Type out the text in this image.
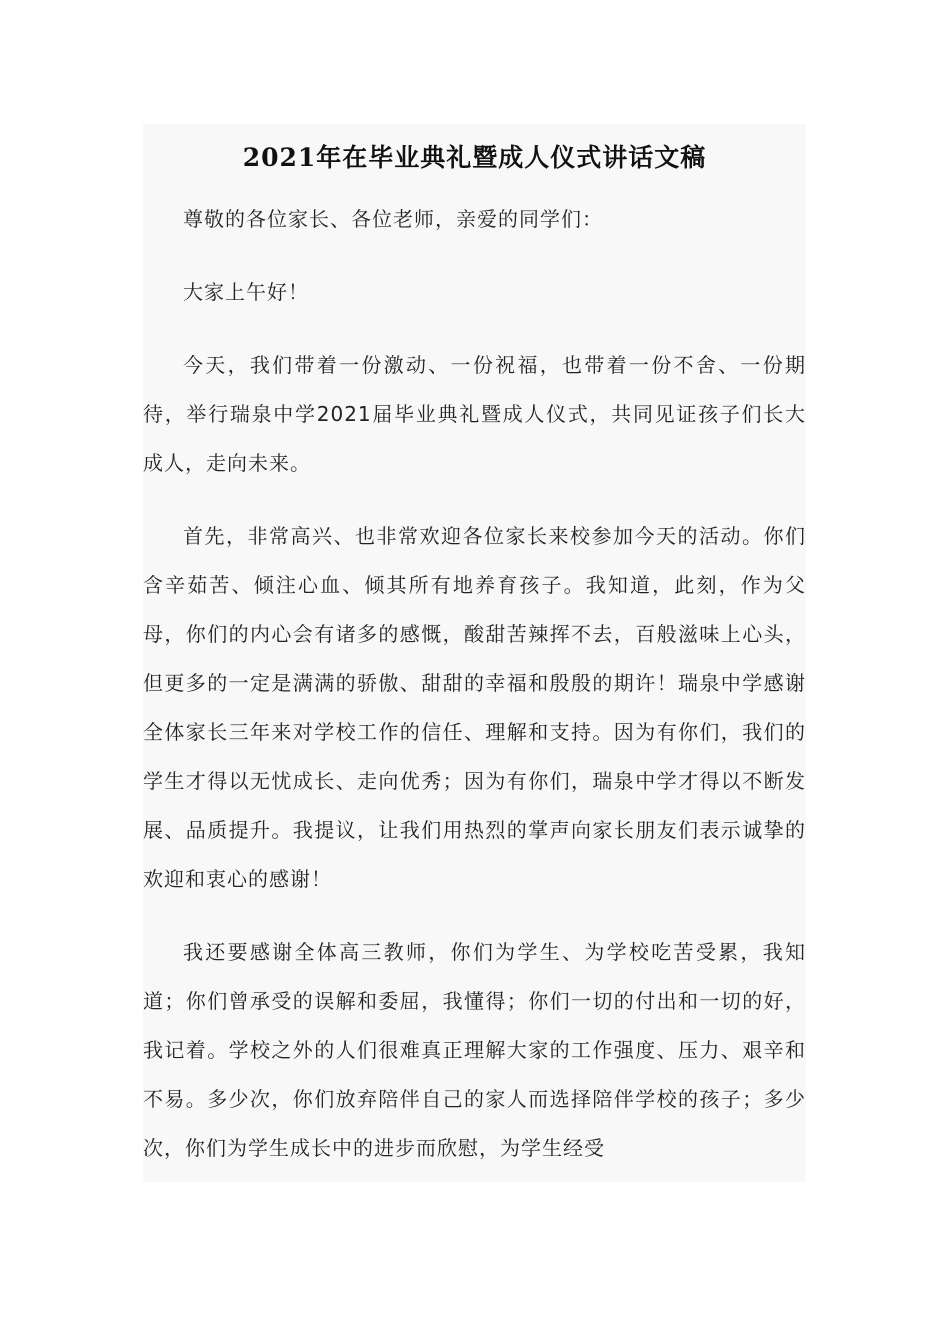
2021年在毕业典礼暨成人仪式讲话文稿

尊敬的各位家长、各位老师，亲爱的同学们：

大家上午好！

今天，我们带着一份激动、一份祝福，也带着一份不舍、一份期待，举行瑞泉中学2021届毕业典礼暨成人仪式，共同见证孩子们长大成人，走向未来。

首先，非常高兴、也非常欢迎各位家长来校参加今天的活动。你们含辛茹苦、倾注心血、倾其所有地养育孩子。我知道，此刻，作为父母，你们的内心会有诸多的感慨，酸甜苦辣挥不去，百般滋味上心头，但更多的一定是满满的骄傲、甜甜的幸福和殷殷的期许！瑞泉中学感谢全体家长三年来对学校工作的信任、理解和支持。因为有你们，我们的学生才得以无忧成长、走向优秀；因为有你们，瑞泉中学才得以不断发展、品质提升。我提议，让我们用热烈的掌声向家长朋友们表示诚挚的欢迎和衷心的感谢！

我还要感谢全体高三教师，你们为学生、为学校吃苦受累，我知道；你们曾承受的误解和委屈，我懂得；你们一切的付出和一切的好，我记着。学校之外的人们很难真正理解大家的工作强度、压力、艰辛和不易。多少次，你们放弃陪伴自己的家人而选择陪伴学校的孩子；多少次，你们为学生成长中的进步而欣慰，为学生经受
